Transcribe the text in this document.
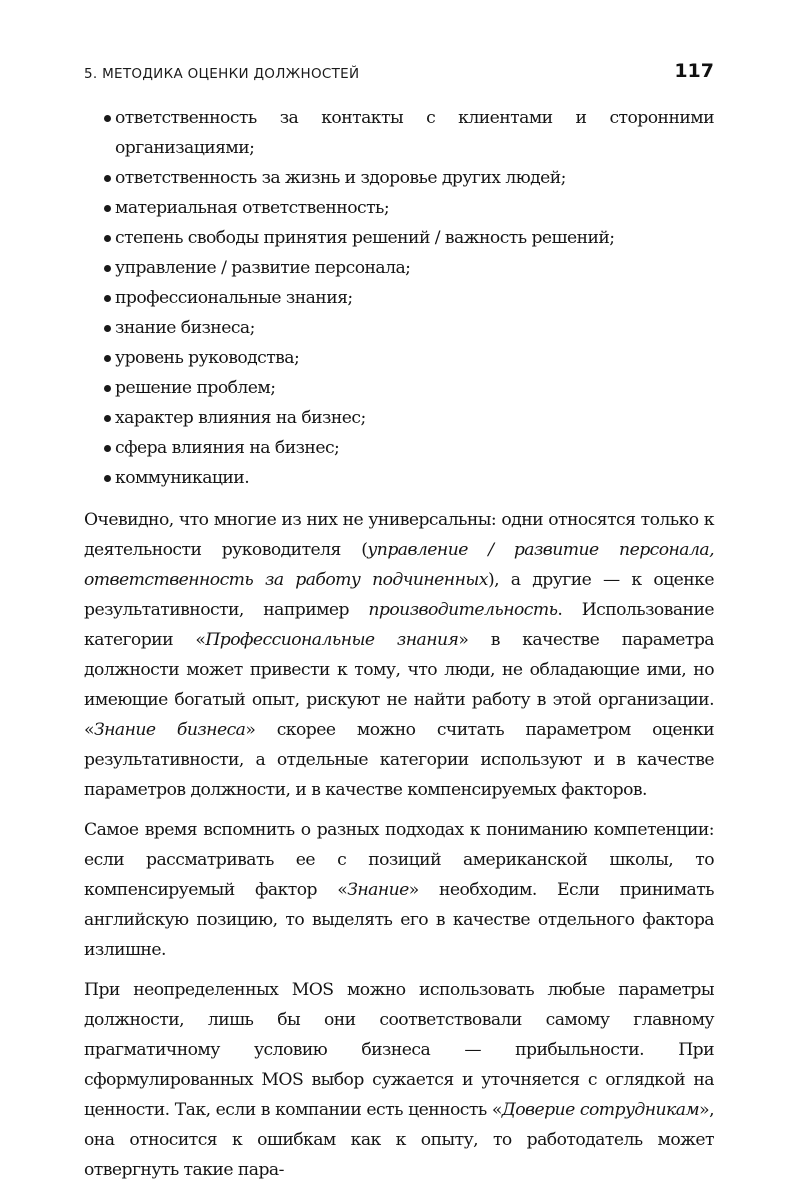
5. МЕТОДИКА ОЦЕНКИ ДОЛЖНОСТЕЙ	117
ответственность за контакты с клиентами и сторонними организациями;
ответственность за жизнь и здоровье других людей;
материальная ответственность;
степень свободы принятия решений / важность решений;
управление / развитие персонала;
профессиональные знания;
знание бизнеса;
уровень руководства;
решение проблем;
характер влияния на бизнес;
сфера влияния на бизнес;
коммуникации.

Очевидно, что многие из них не универсальны: одни относятся только к деятельности руководителя (управление / развитие персонала, ответственность за работу подчиненных), а другие — к оценке результативности, например производительность. Использование категории «Профессиональные знания» в качестве параметра должности может привести к тому, что люди, не обладающие ими, но имеющие богатый опыт, рискуют не найти работу в этой организации. «Знание бизнеса» скорее можно считать параметром оценки результативности, а отдельные категории используют и в качестве параметров должности, и в качестве компенсируемых факторов.

Самое время вспомнить о разных подходах к пониманию компетенции: если рассматривать ее с позиций американской школы, то компенсируемый фактор «Знание» необходим. Если принимать английскую позицию, то выделять его в качестве отдельного фактора излишне.

При неопределенных MOS можно использовать любые параметры должности, лишь бы они соответствовали самому главному прагматичному условию бизнеса — прибыльности. При сформулированных MOS выбор сужается и уточняется с оглядкой на ценности. Так, если в компании есть ценность «Доверие сотрудникам», она относится к ошибкам как к опыту, то работодатель может отвергнуть такие пара-
